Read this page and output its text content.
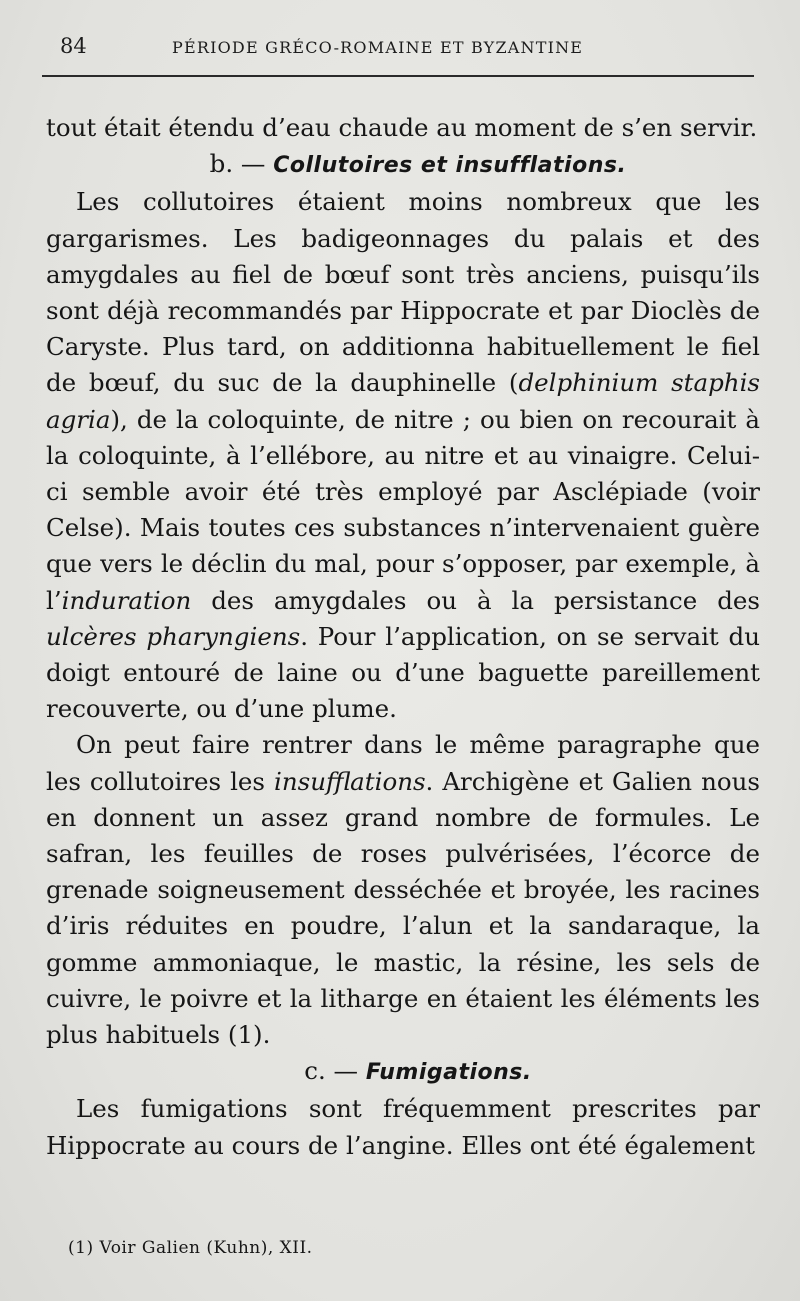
84	PÉRIODE GRÉCO-ROMAINE ET BYZANTINE

tout était étendu d’eau chaude au moment de s’en servir.

b. — Collutoires et insufflations.

Les collutoires étaient moins nombreux que les gargarismes. Les badigeonnages du palais et des amygdales au fiel de bœuf sont très anciens, puisqu’ils sont déjà recommandés par Hippocrate et par Dioclès de Caryste. Plus tard, on additionna habituellement le fiel de bœuf, du suc de la dauphinelle (delphinium staphis agria), de la coloquinte, de nitre ; ou bien on recourait à la coloquinte, à l’ellébore, au nitre et au vinaigre. Celui-ci semble avoir été très employé par Asclépiade (voir Celse). Mais toutes ces substances n’intervenaient guère que vers le déclin du mal, pour s’opposer, par exemple, à l’induration des amygdales ou à la persistance des ulcères pharyngiens. Pour l’application, on se servait du doigt entouré de laine ou d’une baguette pareillement recouverte, ou d’une plume.

On peut faire rentrer dans le même paragraphe que les collutoires les insufflations. Archigène et Galien nous en donnent un assez grand nombre de formules. Le safran, les feuilles de roses pulvérisées, l’écorce de grenade soigneusement desséchée et broyée, les racines d’iris réduites en poudre, l’alun et la sandaraque, la gomme ammoniaque, le mastic, la résine, les sels de cuivre, le poivre et la litharge en étaient les éléments les plus habituels (1).

c. — Fumigations.

Les fumigations sont fréquemment prescrites par Hippocrate au cours de l’angine. Elles ont été également

(1) Voir Galien (Kuhn), XII.
